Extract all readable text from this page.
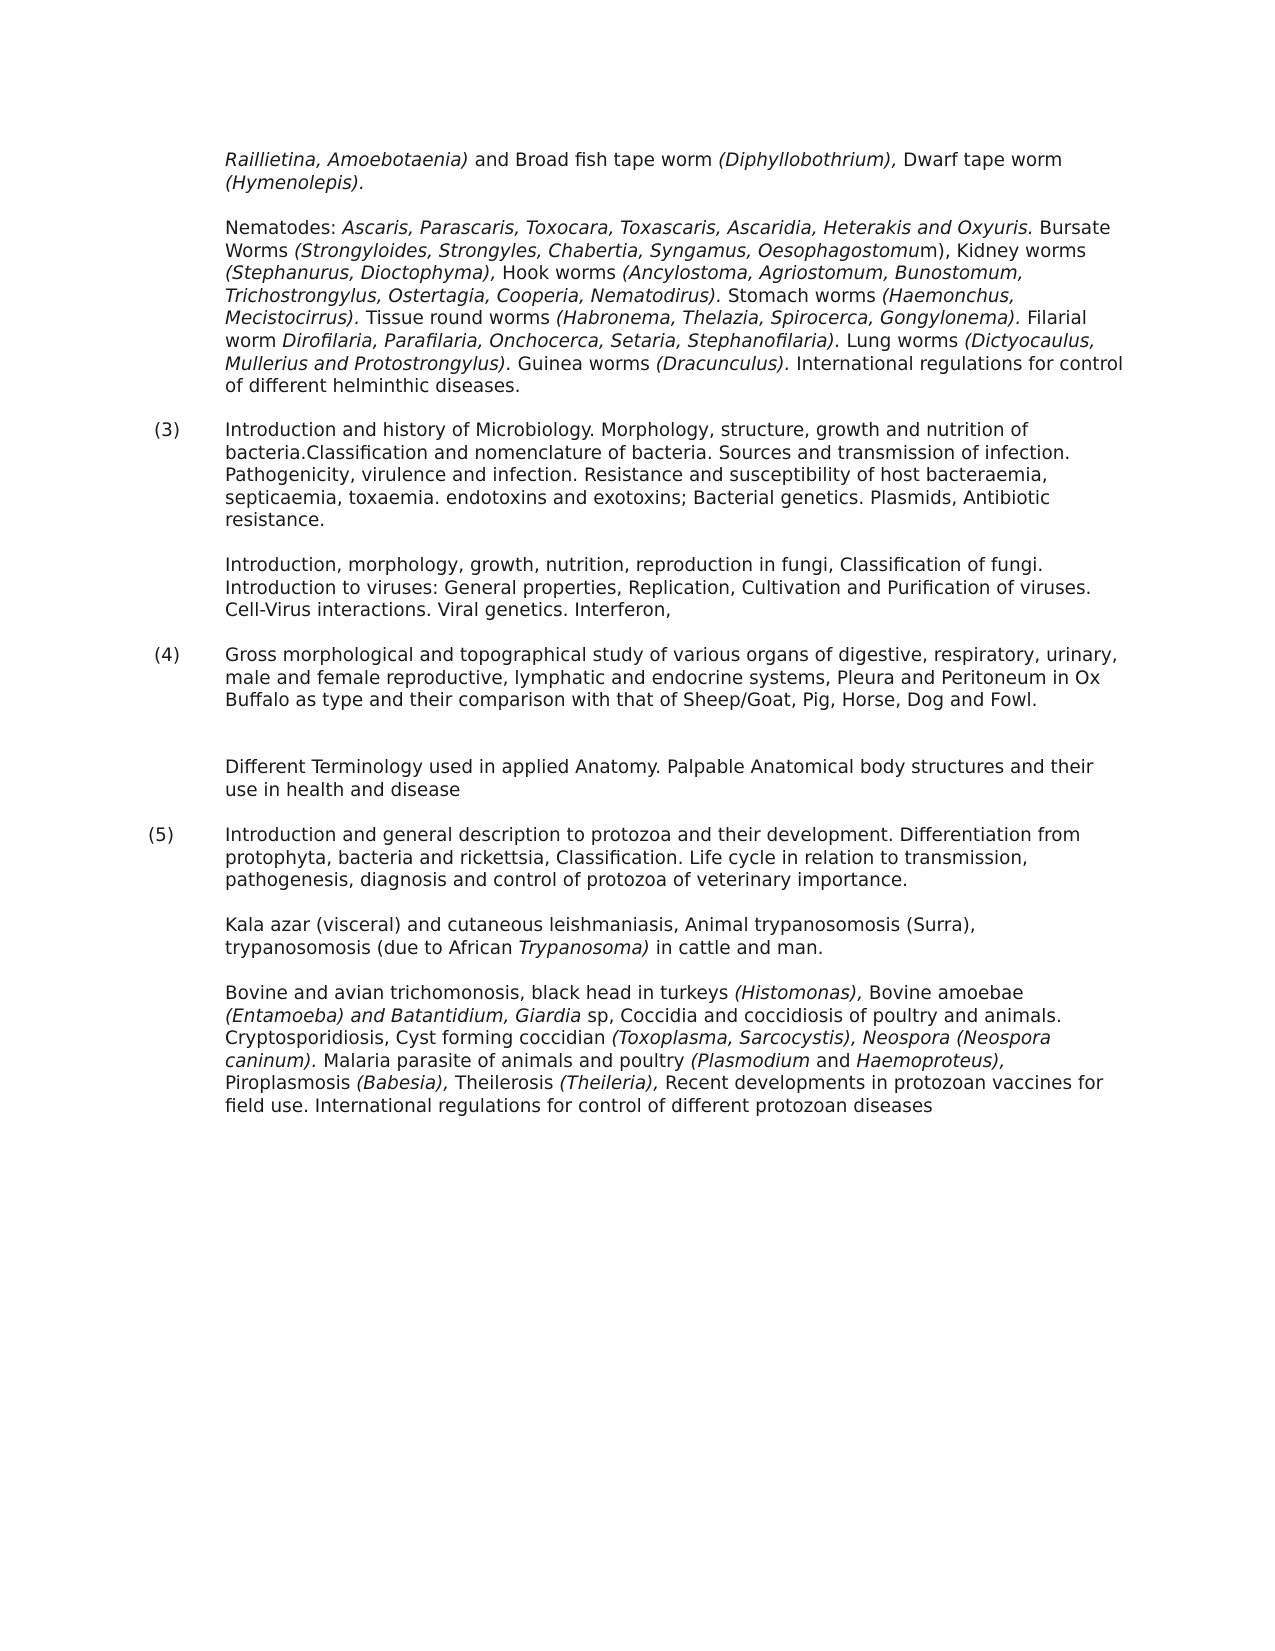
Raillietina, Amoebotaenia) and Broad fish tape worm (Diphyllobothrium), Dwarf tape worm (Hymenolepis).

Nematodes: Ascaris, Parascaris, Toxocara, Toxascaris, Ascaridia, Heterakis and Oxyuris. Bursate Worms (Strongyloides, Strongyles, Chabertia, Syngamus, Oesophagostomum), Kidney worms (Stephanurus, Dioctophyma), Hook worms (Ancylostoma, Agriostomum, Bunostomum, Trichostrongylus, Ostertagia, Cooperia, Nematodirus). Stomach worms (Haemonchus, Mecistocirrus). Tissue round worms (Habronema, Thelazia, Spirocerca, Gongylonema). Filarial worm Dirofilaria, Parafilaria, Onchocerca, Setaria, Stephanofilaria). Lung worms (Dictyocaulus, Mullerius and Protostrongylus). Guinea worms (Dracunculus). International regulations for control of different helminthic diseases.

(3) Introduction and history of Microbiology. Morphology, structure, growth and nutrition of bacteria.Classification and nomenclature of bacteria. Sources and transmission of infection. Pathogenicity, virulence and infection. Resistance and susceptibility of host bacteraemia, septicaemia, toxaemia. endotoxins and exotoxins; Bacterial genetics. Plasmids, Antibiotic resistance.

Introduction, morphology, growth, nutrition, reproduction in fungi, Classification of fungi. Introduction to viruses: General properties, Replication, Cultivation and Purification of viruses. Cell-Virus interactions. Viral genetics. Interferon,

(4) Gross morphological and topographical study of various organs of digestive, respiratory, urinary, male and female reproductive, lymphatic and endocrine systems, Pleura and Peritoneum in Ox Buffalo as type and their comparison with that of Sheep/Goat, Pig, Horse, Dog and Fowl.

Different Terminology used in applied Anatomy. Palpable Anatomical body structures and their use in health and disease

(5)	Introduction and general description to protozoa and their development. Differentiation from protophyta, bacteria and rickettsia, Classification. Life cycle in relation to transmission, pathogenesis, diagnosis and control of protozoa of veterinary importance.

Kala azar (visceral) and cutaneous leishmaniasis, Animal trypanosomosis (Surra), trypanosomosis (due to African Trypanosoma) in cattle and man.

Bovine and avian trichomonosis, black head in turkeys (Histomonas), Bovine amoebae (Entamoeba) and Batantidium, Giardia sp, Coccidia and coccidiosis of poultry and animals. Cryptosporidiosis, Cyst forming coccidian (Toxoplasma, Sarcocystis), Neospora (Neospora caninum). Malaria parasite of animals and poultry (Plasmodium and Haemoproteus), Piroplasmosis (Babesia), Theilerosis (Theileria), Recent developments in protozoan vaccines for field use. International regulations for control of different protozoan diseases
